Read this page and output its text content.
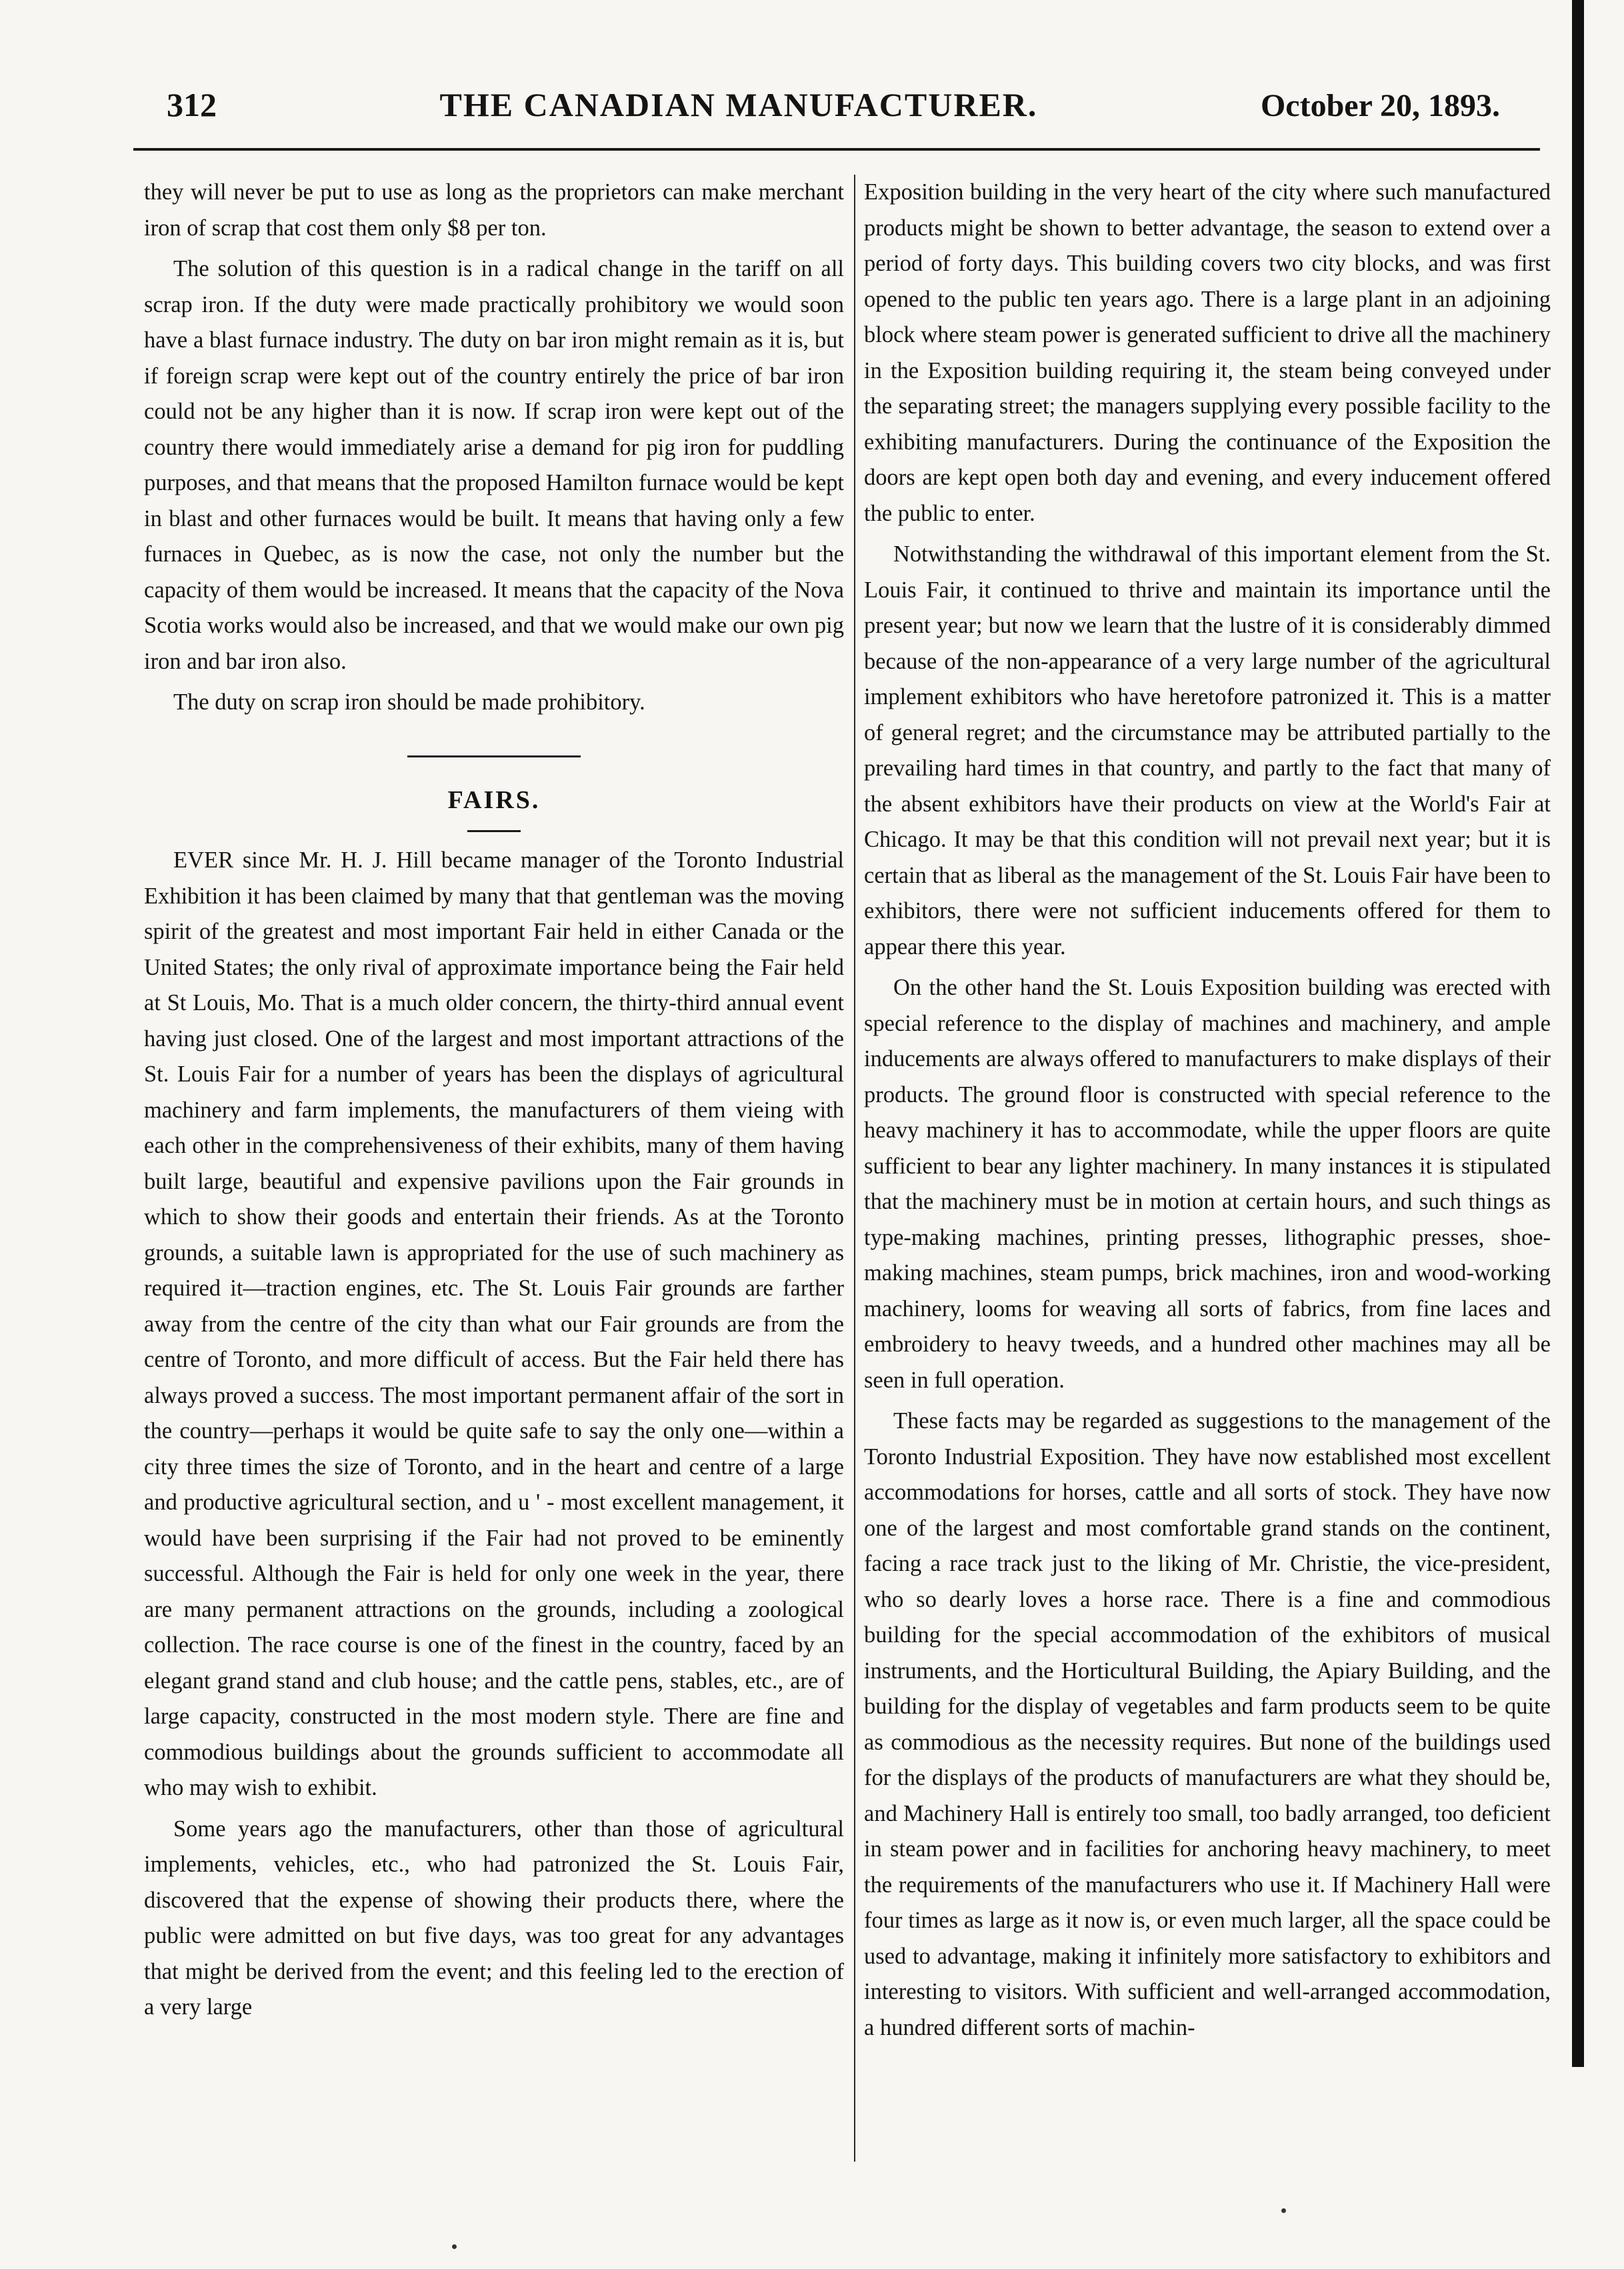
312	THE CANADIAN MANUFACTURER.	October 20, 1893.

they will never be put to use as long as the proprietors can make merchant iron of scrap that cost them only $8 per ton.

The solution of this question is in a radical change in the tariff on all scrap iron. If the duty were made practically prohibitory we would soon have a blast furnace industry. The duty on bar iron might remain as it is, but if foreign scrap were kept out of the country entirely the price of bar iron could not be any higher than it is now. If scrap iron were kept out of the country there would immediately arise a demand for pig iron for puddling purposes, and that means that the proposed Hamilton furnace would be kept in blast and other furnaces would be built. It means that having only a few furnaces in Quebec, as is now the case, not only the number but the capacity of them would be increased. It means that the capacity of the Nova Scotia works would also be increased, and that we would make our own pig iron and bar iron also.

The duty on scrap iron should be made prohibitory.

FAIRS.

EVER since Mr. H. J. Hill became manager of the Toronto Industrial Exhibition it has been claimed by many that that gentleman was the moving spirit of the greatest and most important Fair held in either Canada or the United States; the only rival of approximate importance being the Fair held at St Louis, Mo. That is a much older concern, the thirty-third annual event having just closed. One of the largest and most important attractions of the St. Louis Fair for a number of years has been the displays of agricultural machinery and farm implements, the manufacturers of them vieing with each other in the comprehensiveness of their exhibits, many of them having built large, beautiful and expensive pavilions upon the Fair grounds in which to show their goods and entertain their friends. As at the Toronto grounds, a suitable lawn is appropriated for the use of such machinery as required it—traction engines, etc. The St. Louis Fair grounds are farther away from the centre of the city than what our Fair grounds are from the centre of Toronto, and more difficult of access. But the Fair held there has always proved a success. The most important permanent affair of the sort in the country—perhaps it would be quite safe to say the only one—within a city three times the size of Toronto, and in the heart and centre of a large and productive agricultural section, and u ' - most excellent management, it would have been surprising if the Fair had not proved to be eminently successful. Although the Fair is held for only one week in the year, there are many permanent attractions on the grounds, including a zoological collection. The race course is one of the finest in the country, faced by an elegant grand stand and club house; and the cattle pens, stables, etc., are of large capacity, constructed in the most modern style. There are fine and commodious buildings about the grounds sufficient to accommodate all who may wish to exhibit.

Some years ago the manufacturers, other than those of agricultural implements, vehicles, etc., who had patronized the St. Louis Fair, discovered that the expense of showing their products there, where the public were admitted on but five days, was too great for any advantages that might be derived from the event; and this feeling led to the erection of a very large

Exposition building in the very heart of the city where such manufactured products might be shown to better advantage, the season to extend over a period of forty days. This building covers two city blocks, and was first opened to the public ten years ago. There is a large plant in an adjoining block where steam power is generated sufficient to drive all the machinery in the Exposition building requiring it, the steam being conveyed under the separating street; the managers supplying every possible facility to the exhibiting manufacturers. During the continuance of the Exposition the doors are kept open both day and evening, and every inducement offered the public to enter.

Notwithstanding the withdrawal of this important element from the St. Louis Fair, it continued to thrive and maintain its importance until the present year; but now we learn that the lustre of it is considerably dimmed because of the non-appearance of a very large number of the agricultural implement exhibitors who have heretofore patronized it. This is a matter of general regret; and the circumstance may be attributed partially to the prevailing hard times in that country, and partly to the fact that many of the absent exhibitors have their products on view at the World's Fair at Chicago. It may be that this condition will not prevail next year; but it is certain that as liberal as the management of the St. Louis Fair have been to exhibitors, there were not sufficient inducements offered for them to appear there this year.

On the other hand the St. Louis Exposition building was erected with special reference to the display of machines and machinery, and ample inducements are always offered to manufacturers to make displays of their products. The ground floor is constructed with special reference to the heavy machinery it has to accommodate, while the upper floors are quite sufficient to bear any lighter machinery. In many instances it is stipulated that the machinery must be in motion at certain hours, and such things as type-making machines, printing presses, lithographic presses, shoe-making machines, steam pumps, brick machines, iron and wood-working machinery, looms for weaving all sorts of fabrics, from fine laces and embroidery to heavy tweeds, and a hundred other machines may all be seen in full operation.

These facts may be regarded as suggestions to the management of the Toronto Industrial Exposition. They have now established most excellent accommodations for horses, cattle and all sorts of stock. They have now one of the largest and most comfortable grand stands on the continent, facing a race track just to the liking of Mr. Christie, the vice-president, who so dearly loves a horse race. There is a fine and commodious building for the special accommodation of the exhibitors of musical instruments, and the Horticultural Building, the Apiary Building, and the building for the display of vegetables and farm products seem to be quite as commodious as the necessity requires. But none of the buildings used for the displays of the products of manufacturers are what they should be, and Machinery Hall is entirely too small, too badly arranged, too deficient in steam power and in facilities for anchoring heavy machinery, to meet the requirements of the manufacturers who use it. If Machinery Hall were four times as large as it now is, or even much larger, all the space could be used to advantage, making it infinitely more satisfactory to exhibitors and interesting to visitors. With sufficient and well-arranged accommodation, a hundred different sorts of machin-
